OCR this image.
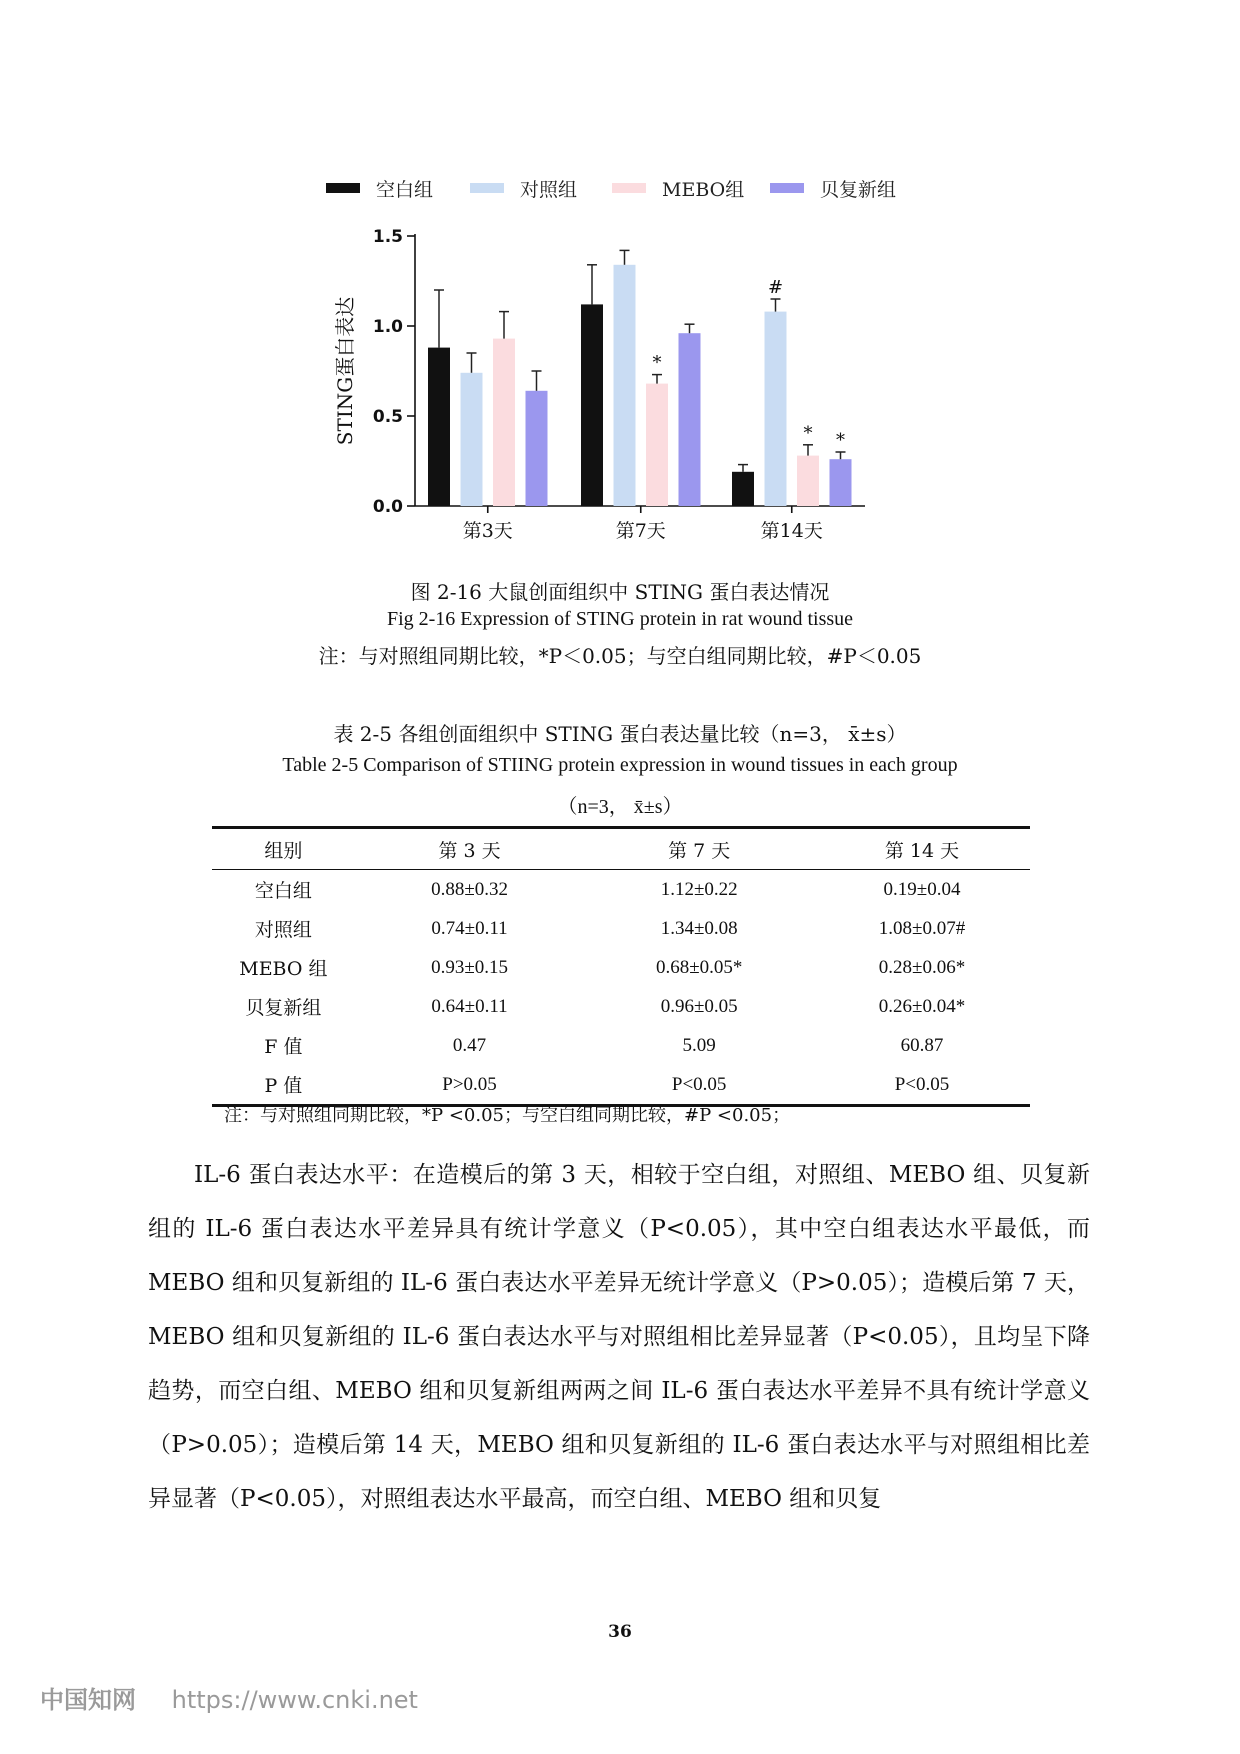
空白组	对照组	MEBO组	贝复新组
0.0
0.5
1.0
1.5
STING蛋白表达
第3天
*
第7天
#
* *
第14天
图 2-16 大鼠创面组织中 STING 蛋白表达情况
Fig 2-16 Expression of STING protein in rat wound tissue
注：与对照组同期比较，*P＜0.05；与空白组同期比较，#P＜0.05
表 2-5 各组创面组织中 STING 蛋白表达量比较（n=3， x̄±s）
Table 2-5 Comparison of STIING protein expression in wound tissues in each group
（n=3， x̄±s）
组别	第 3 天	第 7 天	第 14 天
空白组	0.88±0.32	1.12±0.22	0.19±0.04
对照组	0.74±0.11	1.34±0.08	1.08±0.07#
MEBO 组	0.93±0.15	0.68±0.05*	0.28±0.06*
贝复新组	0.64±0.11	0.96±0.05	0.26±0.04*
F 值	0.47	5.09	60.87
P 值	P>0.05	P<0.05	P<0.05
注：与对照组同期比较，*P <0.05；与空白组同期比较，#P <0.05；
IL-6 蛋白表达水平：在造模后的第 3 天，相较于空白组，对照组、MEBO 组、贝复新组的 IL-6 蛋白表达水平差异具有统计学意义（P<0.05），其中空白组表达水平最低，而 MEBO 组和贝复新组的 IL-6 蛋白表达水平差异无统计学意义（P>0.05）；造模后第 7 天，MEBO 组和贝复新组的 IL-6 蛋白表达水平与对照组相比差异显著（P<0.05），且均呈下降趋势，而空白组、MEBO 组和贝复新组两两之间 IL-6 蛋白表达水平差异不具有统计学意义（P>0.05）；造模后第 14 天，MEBO 组和贝复新组的 IL-6 蛋白表达水平与对照组相比差异显著（P<0.05），对照组表达水平最高，而空白组、MEBO 组和贝复
36
中国知网 https://www.cnki.net
